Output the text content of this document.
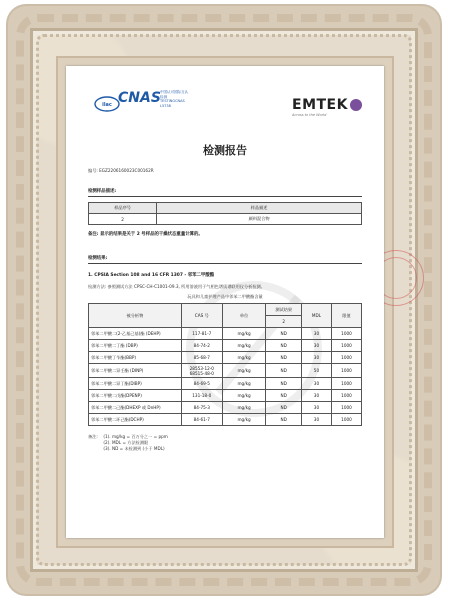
ilac CNAS 中国认可国际互认检测TESTINGCNAS L5738	EMTEK
Across to the World
检测报告
编号: EGZ2206160023C00162R
检测样品描述:
样品序号	样品描述
2	颜料混合物
备注: 显示的结果是关于 2 号样品的干燥状态重量计算的。
检测结果:
1. CPSIA Section 108 and 16 CFR 1307 - 邻苯二甲酸酯
检测方法: 参照测试方法 CPSC-CH-C1001-09.3, 所用溶液用于气相色谱质谱联用仪分析检测。
玩具和儿童护理产品中邻苯二甲酸酯含量
被分析物	CAS 号	单位	测试结果	MDL	限值
			2		
邻苯二甲酸二(2-乙基己基)酯 (DEHP)	117-81-7	mg/kg	ND	30	1000
邻苯二甲酸二丁酯 (DBP)	84-74-2	mg/kg	ND	30	1000
邻苯二甲酸丁苄酯(BBP)	85-68-7	mg/kg	ND	30	1000
邻苯二甲酸二异壬酯 (DINP)	28553-12-0 68515-48-0	mg/kg	ND	50	1000
邻苯二甲酸二异丁酯(DIBP)	84-69-5	mg/kg	ND	30	1000
邻苯二甲酸二戊酯(DPENP)	131-18-0	mg/kg	ND	30	1000
邻苯二甲酸二己酯(DHEXP 或 DnHP)	84-75-3	mg/kg	ND	30	1000
邻苯二甲酸二环己酯(DCHP)	84-61-7	mg/kg	ND	30	1000
备注: (1). mg/kg = 百万分之一 = ppm
(2). MDL = 方法检测限
(3). ND = 未检测到 (小于 MDL)
